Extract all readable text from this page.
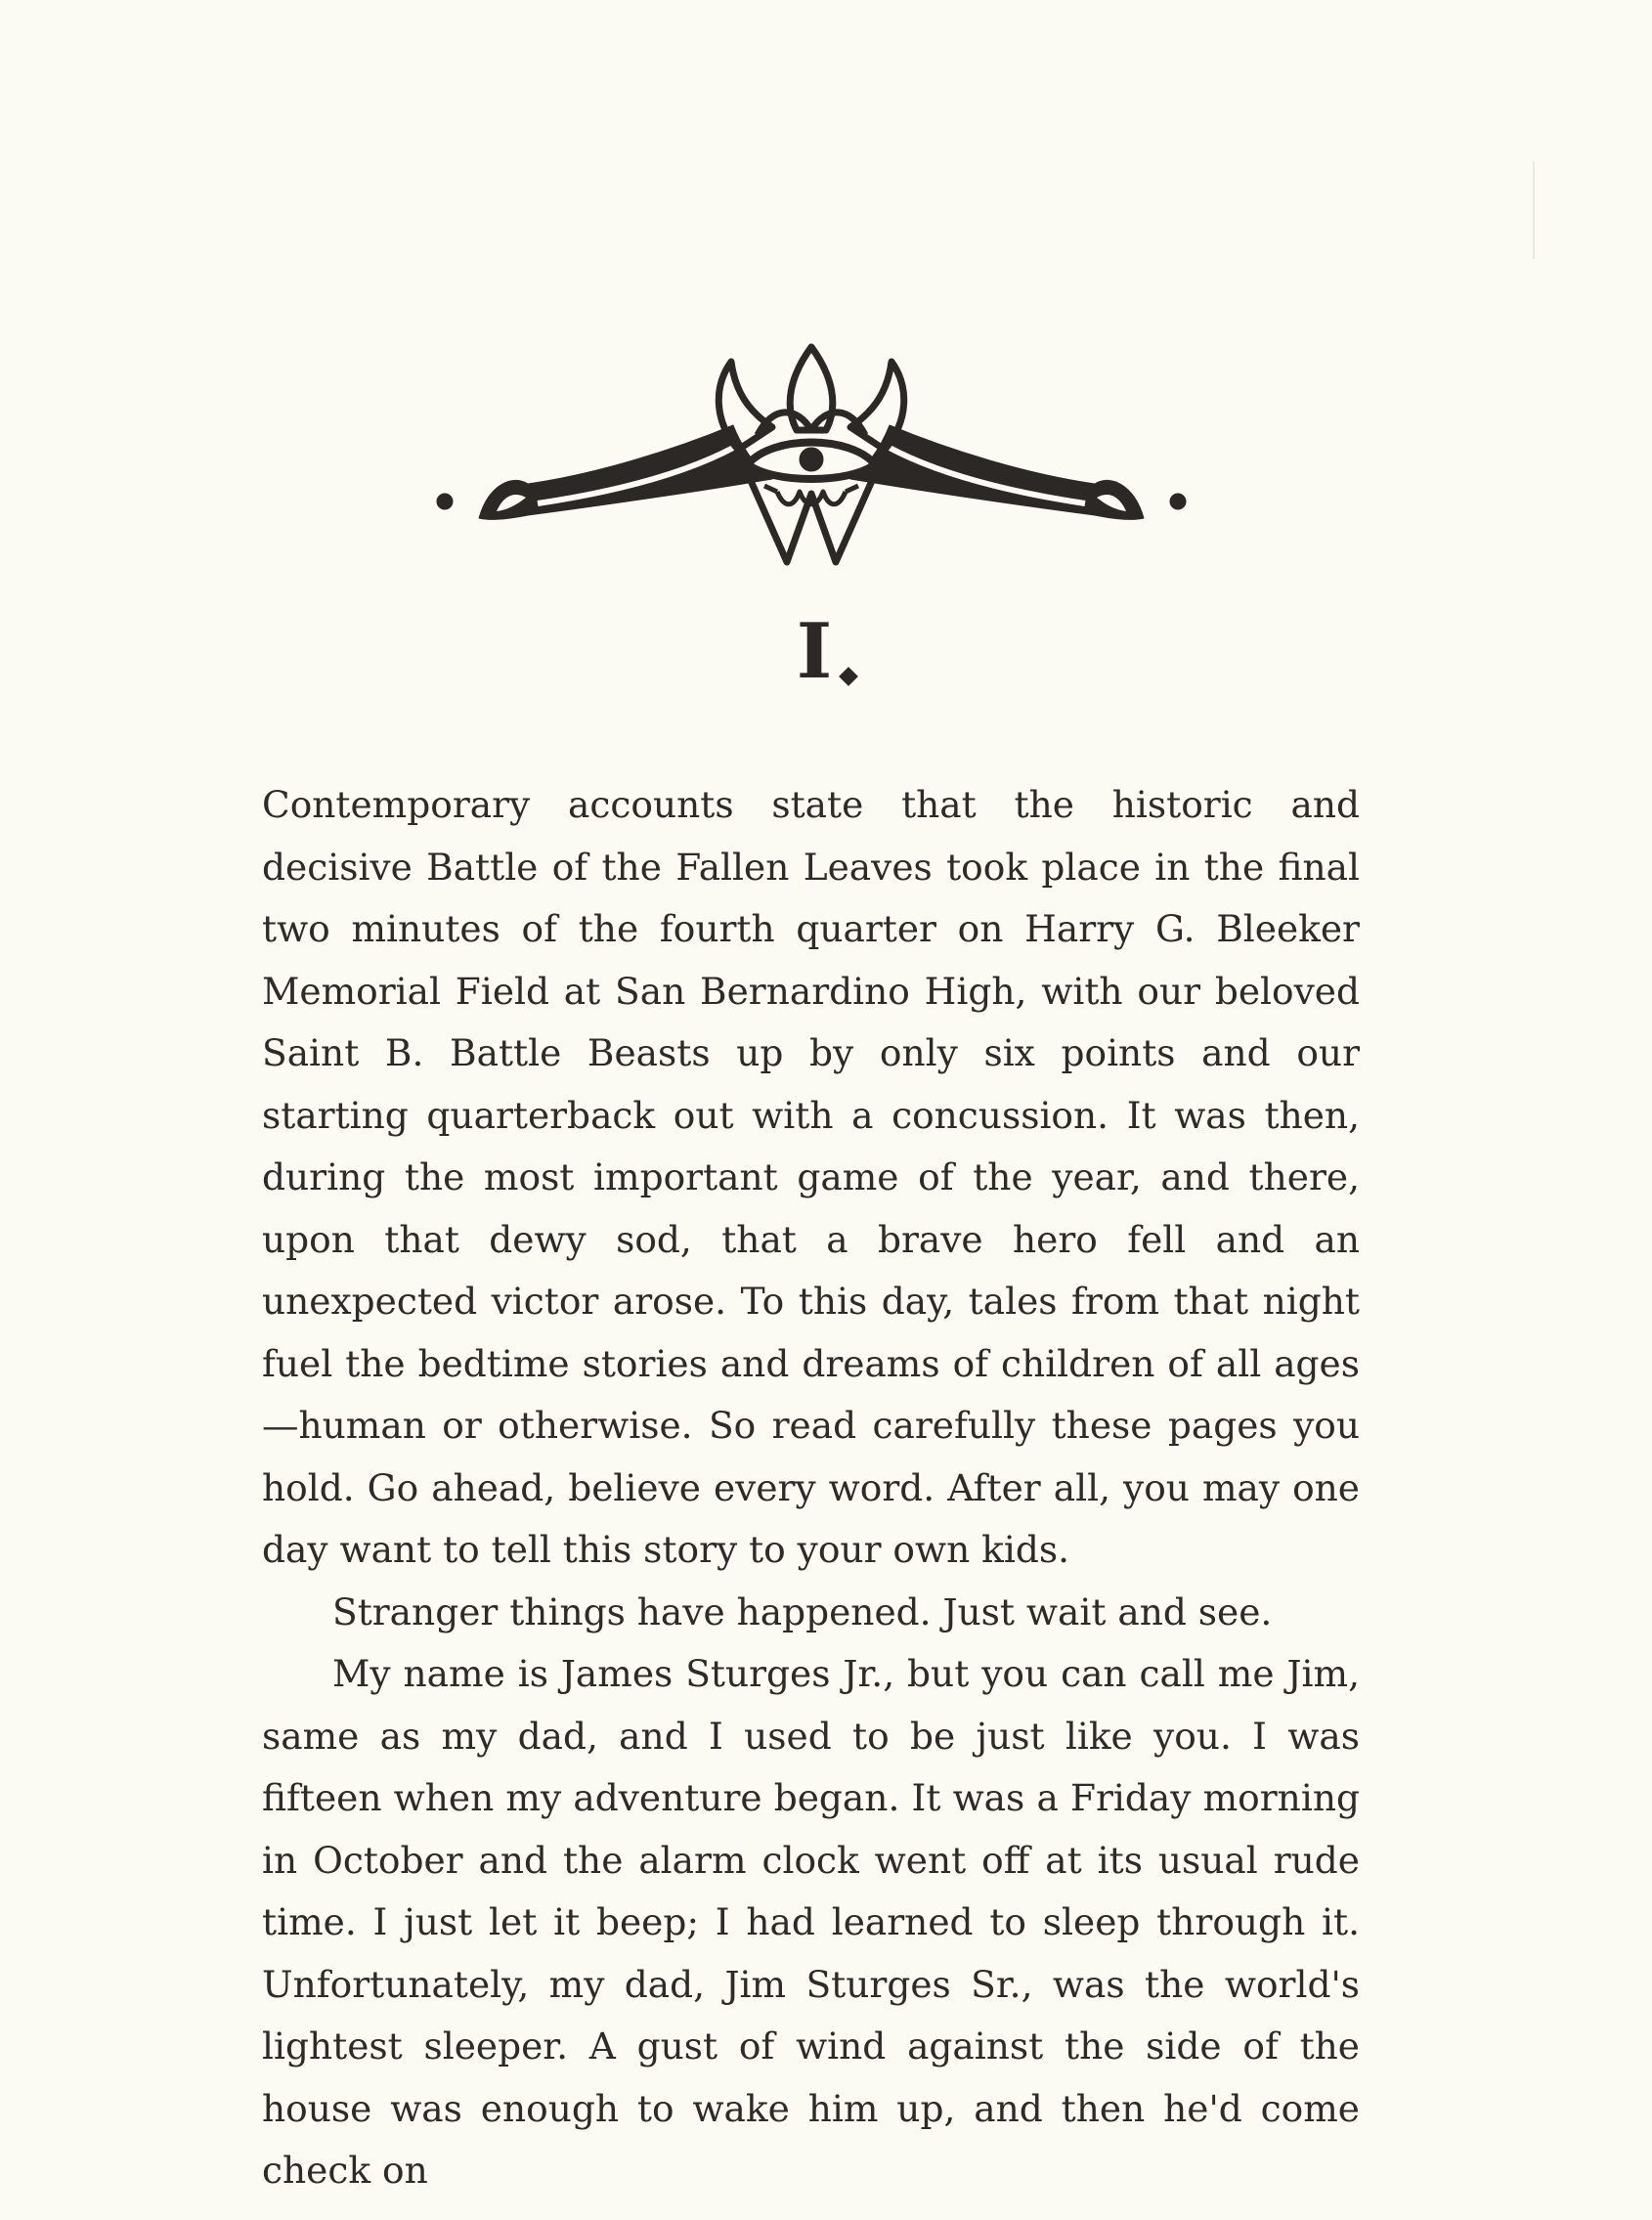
I

Contemporary accounts state that the historic and decisive Battle of the Fallen Leaves took place in the final two minutes of the fourth quarter on Harry G. Bleeker Memorial Field at San Bernardino High, with our beloved Saint B. Battle Beasts up by only six points and our starting quarterback out with a concussion. It was then, during the most important game of the year, and there, upon that dewy sod, that a brave hero fell and an unexpected victor arose. To this day, tales from that night fuel the bedtime stories and dreams of children of all ages—human or otherwise. So read carefully these pages you hold. Go ahead, believe every word. After all, you may one day want to tell this story to your own kids.

Stranger things have happened. Just wait and see.

My name is James Sturges Jr., but you can call me Jim, same as my dad, and I used to be just like you. I was fifteen when my adventure began. It was a Friday morning in October and the alarm clock went off at its usual rude time. I just let it beep; I had learned to sleep through it. Unfortunately, my dad, Jim Sturges Sr., was the world's lightest sleeper. A gust of wind against the side of the house was enough to wake him up, and then he'd come check on
